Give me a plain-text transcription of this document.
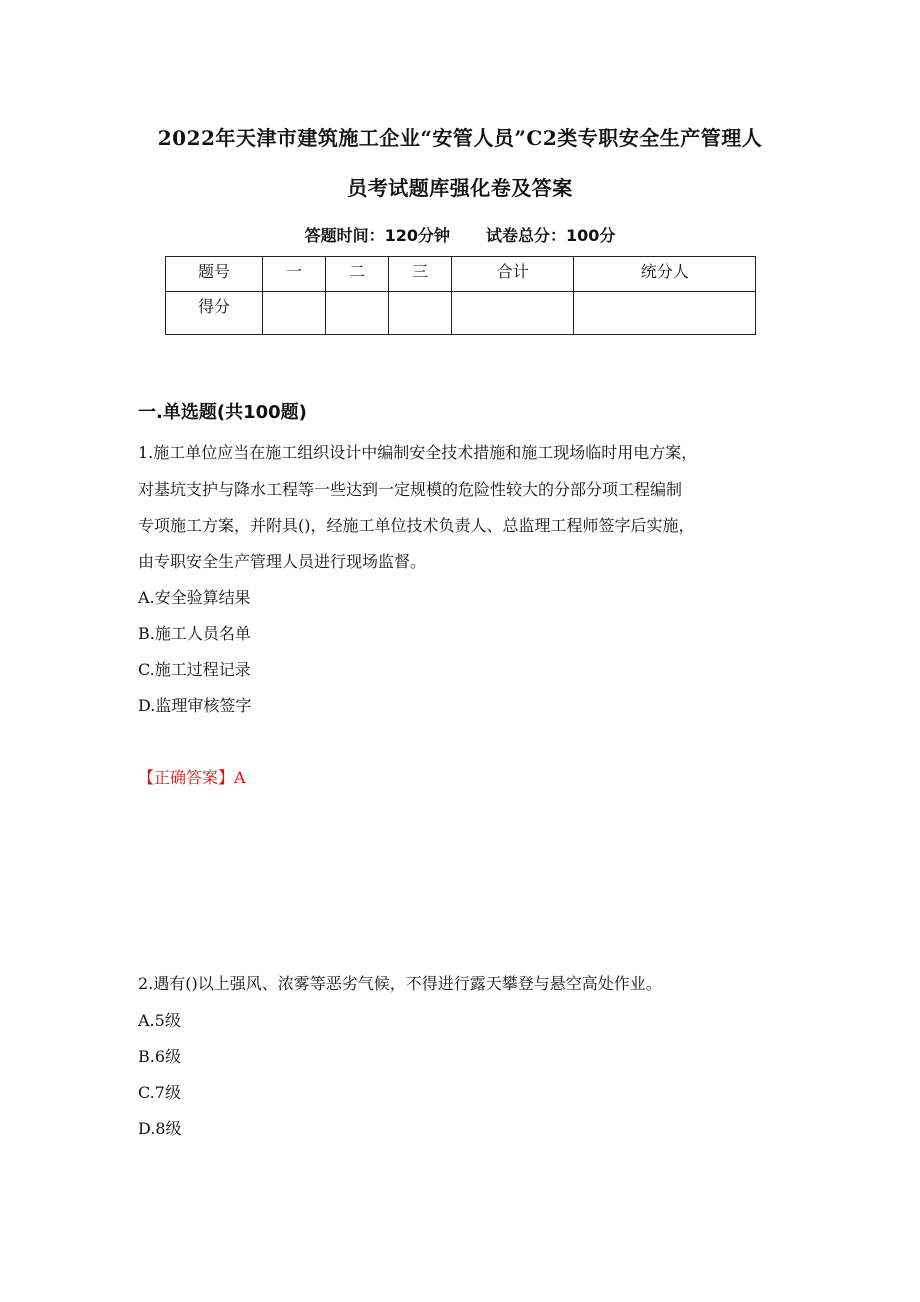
2022年天津市建筑施工企业“安管人员”C2类专职安全生产管理人
员考试题库强化卷及答案
答题时间：120分钟 试卷总分：100分
题号	一	二	三	合计	统分人
得分					
一.单选题(共100题)
1.施工单位应当在施工组织设计中编制安全技术措施和施工现场临时用电方案，
对基坑支护与降水工程等一些达到一定规模的危险性较大的分部分项工程编制
专项施工方案，并附具()，经施工单位技术负责人、总监理工程师签字后实施，
由专职安全生产管理人员进行现场监督。
A.安全验算结果
B.施工人员名单
C.施工过程记录
D.监理审核签字
【正确答案】A
2.遇有()以上强风、浓雾等恶劣气候，不得进行露天攀登与悬空高处作业。
A.5级
B.6级
C.7级
D.8级
